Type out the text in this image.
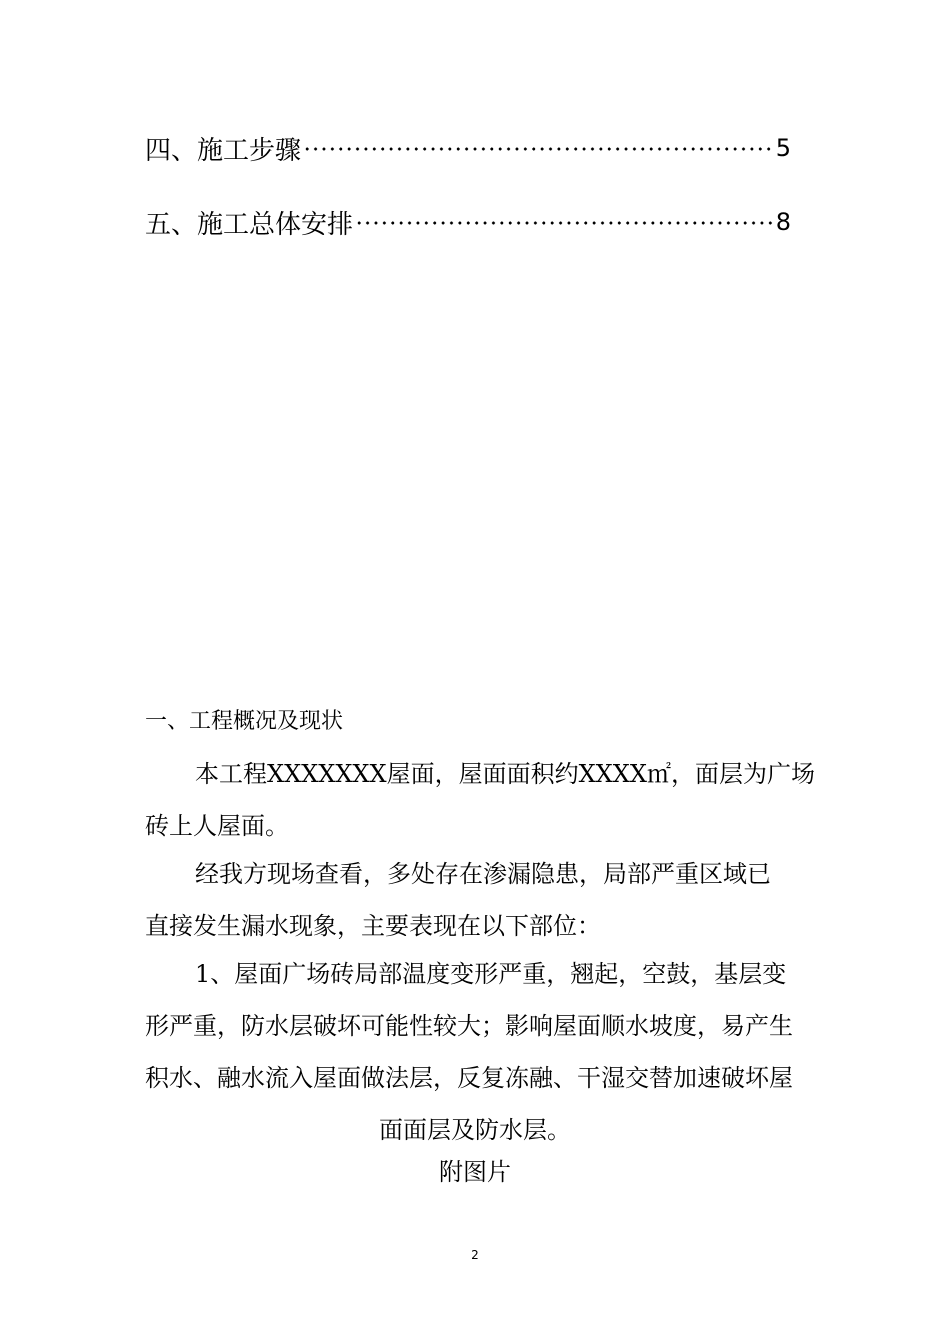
四、施工步骤	5
五、施工总体安排	8
一、工程概况及现状
本工程XXXXXXX屋面，屋面面积约XXXX㎡，面层为广场
砖上人屋面。
经我方现场查看，多处存在渗漏隐患，局部严重区域已
直接发生漏水现象，主要表现在以下部位：
1、屋面广场砖局部温度变形严重，翘起，空鼓，基层变
形严重，防水层破坏可能性较大；影响屋面顺水坡度，易产生
积水、融水流入屋面做法层，反复冻融、干湿交替加速破坏屋
面面层及防水层。
附图片
2
